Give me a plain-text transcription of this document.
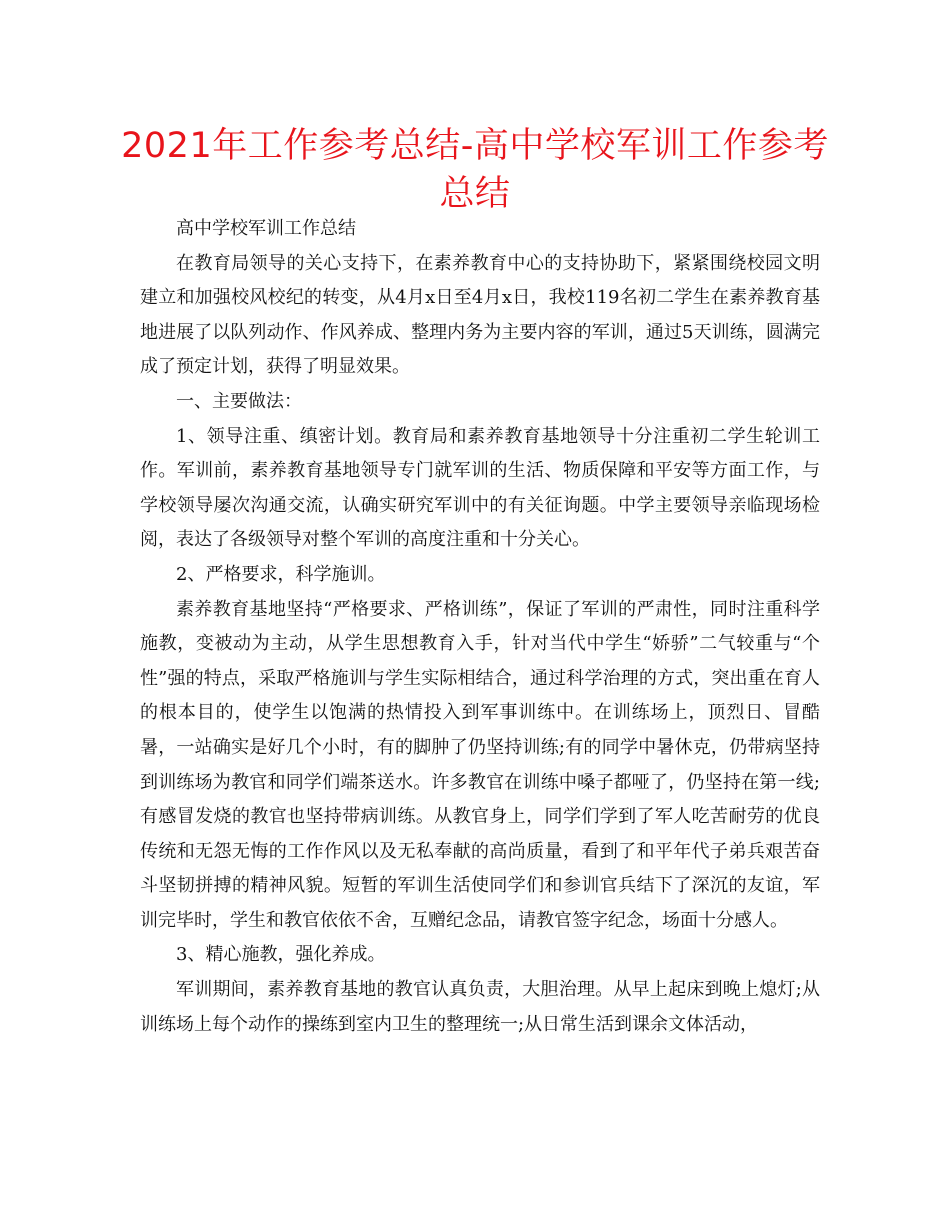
2021年工作参考总结-高中学校军训工作参考总结

高中学校军训工作总结

在教育局领导的关心支持下，在素养教育中心的支持协助下，紧紧围绕校园文明建立和加强校风校纪的转变，从4月x日至4月x日，我校119名初二学生在素养教育基地进展了以队列动作、作风养成、整理内务为主要内容的军训，通过5天训练，圆满完成了预定计划，获得了明显效果。

一、主要做法：

1、领导注重、缜密计划。教育局和素养教育基地领导十分注重初二学生轮训工作。军训前，素养教育基地领导专门就军训的生活、物质保障和平安等方面工作，与学校领导屡次沟通交流，认确实研究军训中的有关征询题。中学主要领导亲临现场检阅，表达了各级领导对整个军训的高度注重和十分关心。

2、严格要求，科学施训。

素养教育基地坚持“严格要求、严格训练”，保证了军训的严肃性，同时注重科学施教，变被动为主动，从学生思想教育入手，针对当代中学生“娇骄”二气较重与“个性”强的特点，采取严格施训与学生实际相结合，通过科学治理的方式，突出重在育人的根本目的，使学生以饱满的热情投入到军事训练中。在训练场上，顶烈日、冒酷暑，一站确实是好几个小时，有的脚肿了仍坚持训练;有的同学中暑休克，仍带病坚持到训练场为教官和同学们端茶送水。许多教官在训练中嗓子都哑了，仍坚持在第一线;有感冒发烧的教官也坚持带病训练。从教官身上，同学们学到了军人吃苦耐劳的优良传统和无怨无悔的工作作风以及无私奉献的高尚质量，看到了和平年代子弟兵艰苦奋斗坚韧拼搏的精神风貌。短暂的军训生活使同学们和参训官兵结下了深沉的友谊，军训完毕时，学生和教官依依不舍，互赠纪念品，请教官签字纪念，场面十分感人。

3、精心施教，强化养成。

军训期间，素养教育基地的教官认真负责，大胆治理。从早上起床到晚上熄灯;从训练场上每个动作的操练到室内卫生的整理统一;从日常生活到课余文体活动，
